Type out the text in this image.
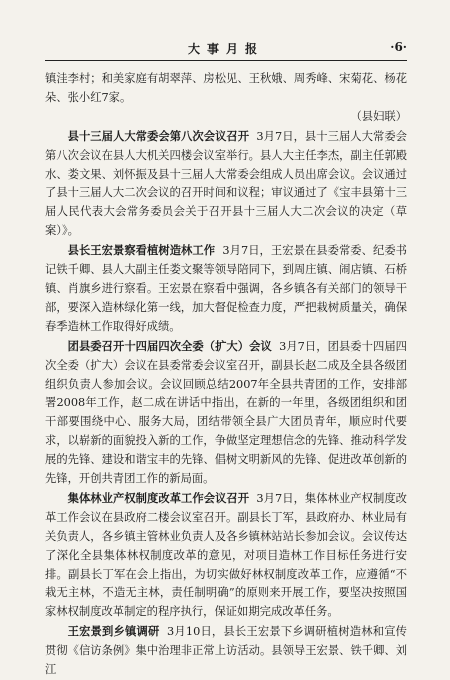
大事月报	·6·

镇洼李村；和美家庭有胡翠萍、房松见、王秋娥、周秀峰、宋菊花、杨花朵、张小红7家。

（县妇联）

县十三届人大常委会第八次会议召开 3月7日，县十三届人大常委会第八次会议在县人大机关四楼会议室举行。县人大主任李杰，副主任郭殿水、娄文果、刘怀振及县十三届人大常委会组成人员出席会议。会议通过了县十三届人大二次会议的召开时间和议程；审议通过了《宝丰县第十三届人民代表大会常务委员会关于召开县十三届人大二次会议的决定（草案）》。

县长王宏景察看植树造林工作 3月7日，王宏景在县委常委、纪委书记铁千卿、县人大副主任娄文聚等领导陪同下，到周庄镇、闹店镇、石桥镇、肖旗乡进行察看。王宏景在察看中强调，各乡镇各有关部门的领导干部，要深入造林绿化第一线，加大督促检查力度，严把栽树质量关，确保春季造林工作取得好成绩。

团县委召开十四届四次全委（扩大）会议 3月7日，团县委十四届四次全委（扩大）会议在县委常委会议室召开，副县长赵二成及全县各级团组织负责人参加会议。会议回顾总结2007年全县共青团的工作，安排部署2008年工作，赵二成在讲话中指出，在新的一年里，各级团组织和团干部要围绕中心、服务大局，团结带领全县广大团员青年，顺应时代要求，以崭新的面貌投入新的工作，争做坚定理想信念的先锋、推动科学发展的先锋、建设和谐宝丰的先锋、倡树文明新风的先锋、促进改革创新的先锋，开创共青团工作的新局面。

集体林业产权制度改革工作会议召开 3月7日，集体林业产权制度改革工作会议在县政府二楼会议室召开。副县长丁军，县政府办、林业局有关负责人，各乡镇主管林业负责人及各乡镇林站站长参加会议。会议传达了深化全县集体林权制度改革的意见，对项目造林工作目标任务进行安排。副县长丁军在会上指出，为切实做好林权制度改革工作，应遵循“不栽无主林，不造无主林，责任制明确”的原则来开展工作，要坚决按照国家林权制度改革制定的程序执行，保证如期完成改革任务。

王宏景到乡镇调研 3月10日，县长王宏景下乡调研植树造林和宣传贯彻《信访条例》集中治理非正常上访活动。县领导王宏景、铁千卿、刘江
